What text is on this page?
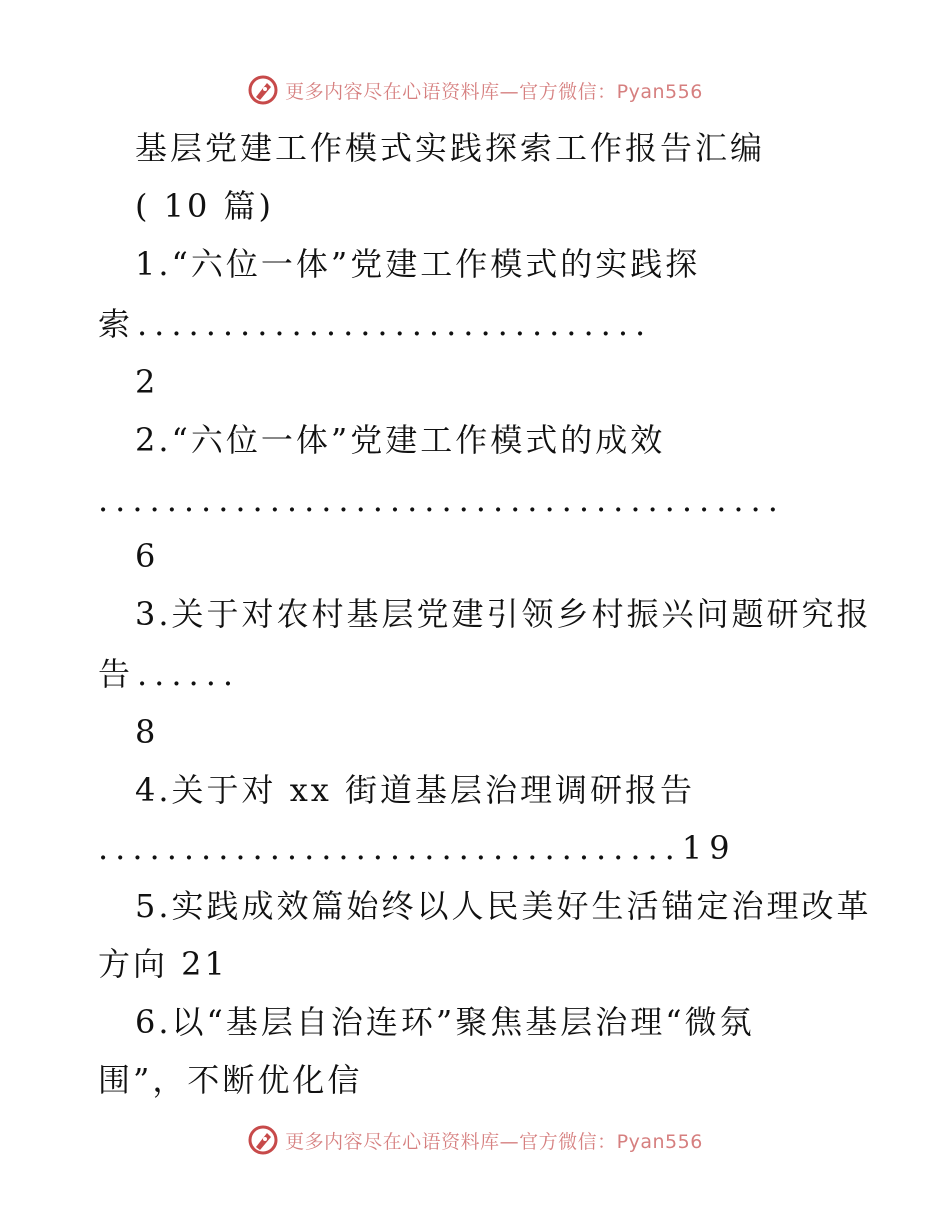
更多内容尽在心语资料库—官方微信：Pyan556
基层党建工作模式实践探索工作报告汇编
( 10 篇)
1.“六位一体”党建工作模式的实践探
索..............................
2
2.“六位一体”党建工作模式的成效
........................................
6
3.关于对农村基层党建引领乡村振兴问题研究报
告......
8
4.关于对 xx 街道基层治理调研报告
..................................19
5.实践成效篇始终以人民美好生活锚定治理改革
方向 21
6.以“基层自治连环”聚焦基层治理“微氛
围”，不断优化信
更多内容尽在心语资料库—官方微信：Pyan556
